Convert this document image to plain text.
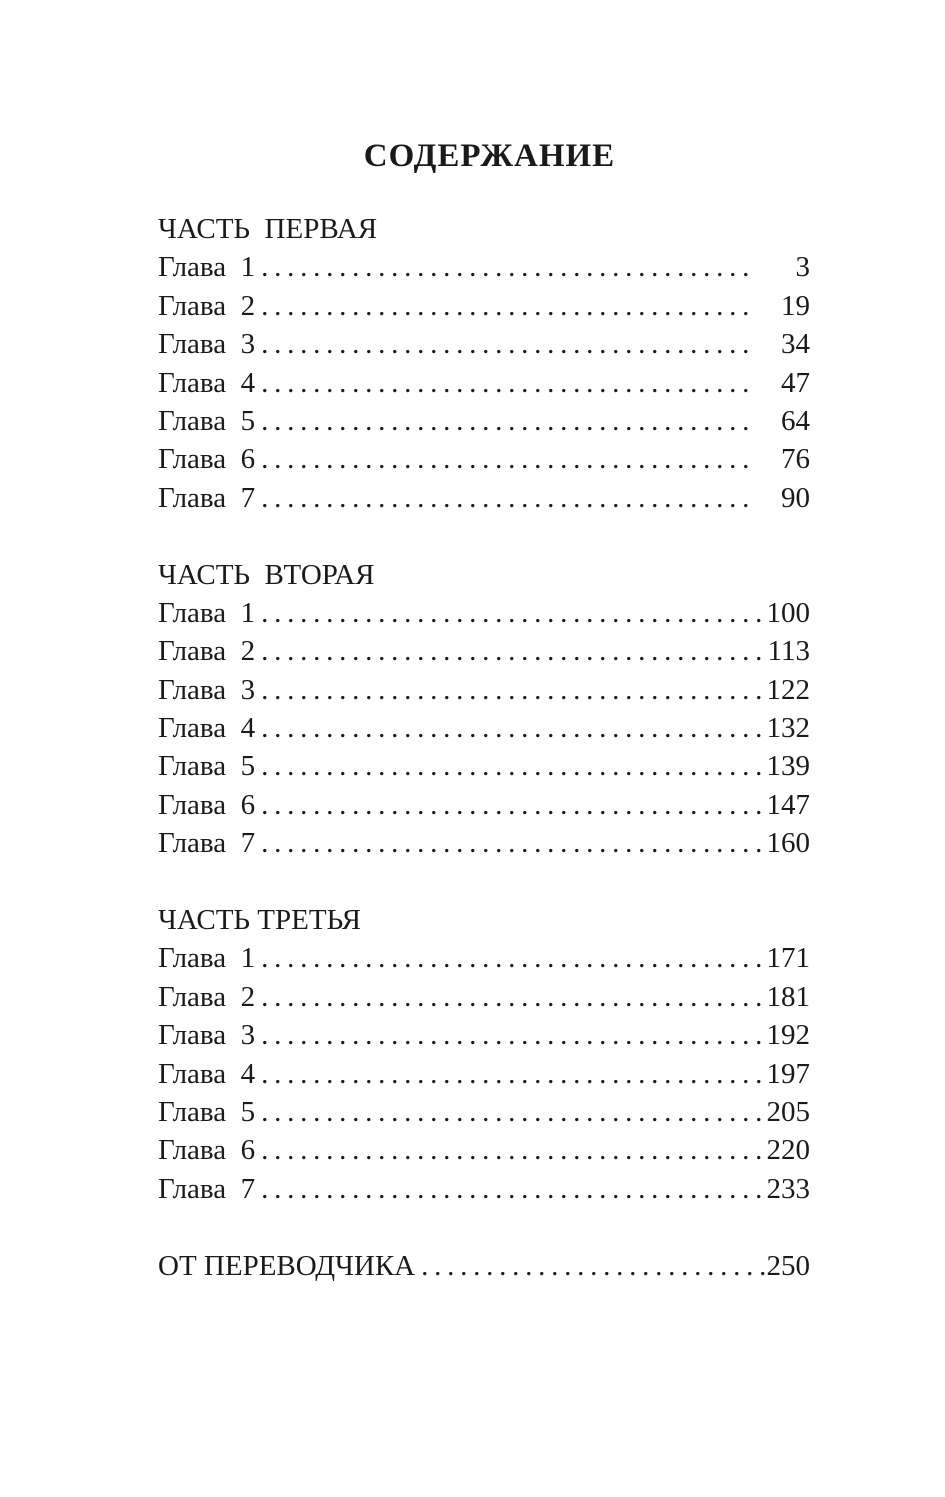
СОДЕРЖАНИЕ
ЧАСТЬ  ПЕРВАЯ
Глава  1 . . .	3
Глава  2 . . .	19
Глава  3 . . .	34
Глава  4 . . .	47
Глава  5 . . .	64
Глава  6 . . .	76
Глава  7 . . .	90
ЧАСТЬ  ВТОРАЯ
Глава  1 . . .	100
Глава  2 . . .	113
Глава  3 . . .	122
Глава  4 . . .	132
Глава  5 . . .	139
Глава  6 . . .	147
Глава  7 . . .	160
ЧАСТЬ ТРЕТЬЯ
Глава  1 . . .	171
Глава  2 . . .	181
Глава  3 . . .	192
Глава  4 . . .	197
Глава  5 . . .	205
Глава  6 . . .	220
Глава  7 . . .	233
ОТ ПЕРЕВОДЧИКА . . .	250
